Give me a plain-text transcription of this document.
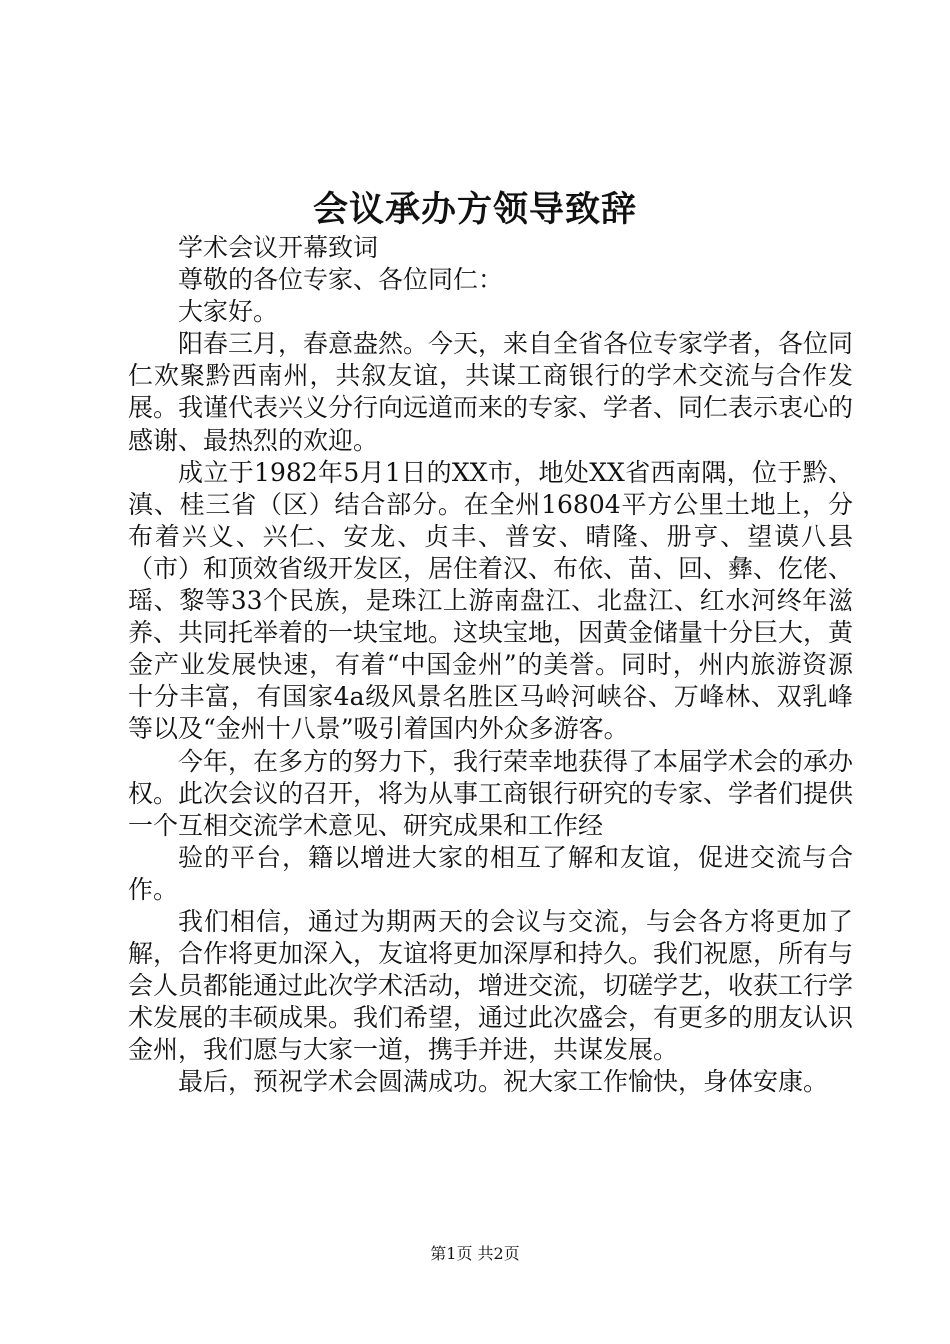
会议承办方领导致辞

学术会议开幕致词

尊敬的各位专家、各位同仁：

大家好。

阳春三月，春意盎然。今天，来自全省各位专家学者，各位同仁欢聚黔西南州，共叙友谊，共谋工商银行的学术交流与合作发展。我谨代表兴义分行向远道而来的专家、学者、同仁表示衷心的感谢、最热烈的欢迎。

成立于1982年5月1日的XX市，地处XX省西南隅，位于黔、滇、桂三省（区）结合部分。在全州16804平方公里土地上，分布着兴义、兴仁、安龙、贞丰、普安、晴隆、册亨、望谟八县（市）和顶效省级开发区，居住着汉、布依、苗、回、彝、仡佬、瑶、黎等33个民族，是珠江上游南盘江、北盘江、红水河终年滋养、共同托举着的一块宝地。这块宝地，因黄金储量十分巨大，黄金产业发展快速，有着“中国金州”的美誉。同时，州内旅游资源十分丰富，有国家4a级风景名胜区马岭河峡谷、万峰林、双乳峰等以及“金州十八景”吸引着国内外众多游客。

今年，在多方的努力下，我行荣幸地获得了本届学术会的承办权。此次会议的召开，将为从事工商银行研究的专家、学者们提供一个互相交流学术意见、研究成果和工作经

验的平台，籍以增进大家的相互了解和友谊，促进交流与合作。

我们相信，通过为期两天的会议与交流，与会各方将更加了解，合作将更加深入，友谊将更加深厚和持久。我们祝愿，所有与会人员都能通过此次学术活动，增进交流，切磋学艺，收获工行学术发展的丰硕成果。我们希望，通过此次盛会，有更多的朋友认识金州，我们愿与大家一道，携手并进，共谋发展。

最后，预祝学术会圆满成功。祝大家工作愉快，身体安康。

第1页 共2页
